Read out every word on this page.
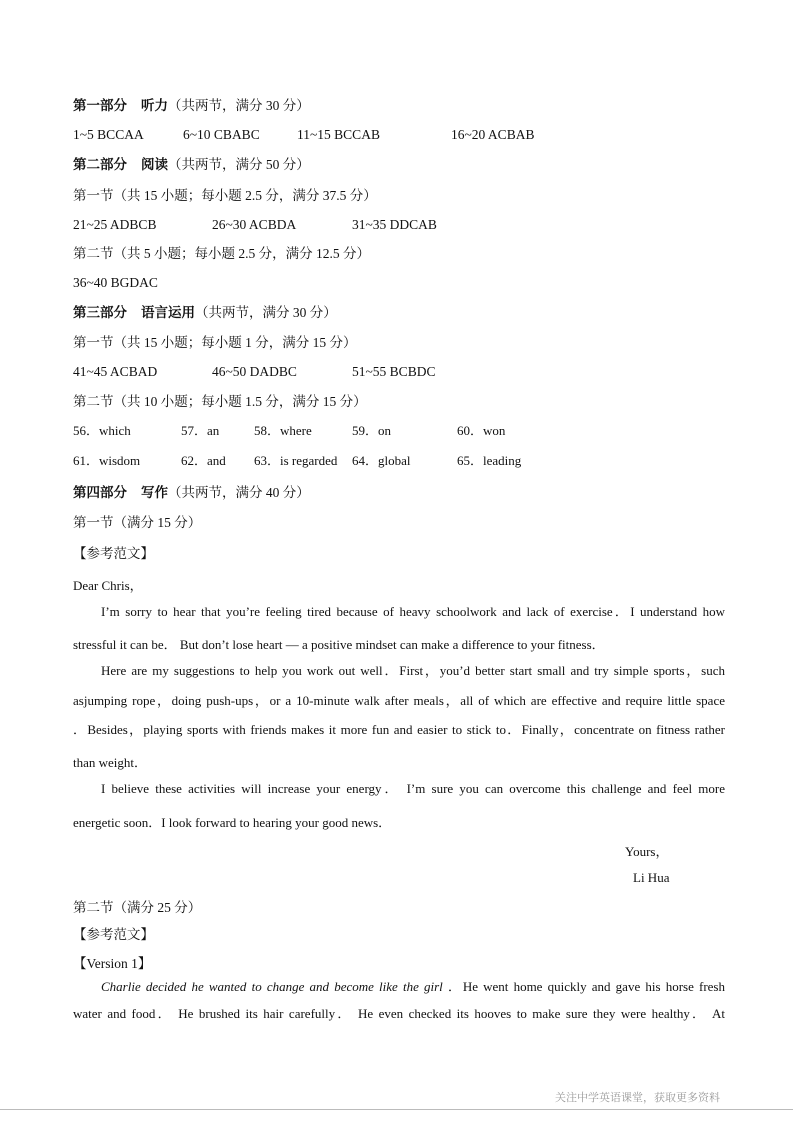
第一部分 听力（共两节，满分 30 分）
1~5 BCCAA	6~10 CBABC	11~15 BCCAB	16~20 ACBAB
第二部分 阅读（共两节，满分 50 分）
第一节（共 15 小题；每小题 2.5 分，满分 37.5 分）
21~25 ADBCB	26~30 ACBDA	31~35 DDCAB
第二节（共 5 小题；每小题 2.5 分，满分 12.5 分）
36~40 BGDAC
第三部分 语言运用（共两节，满分 30 分）
第一节（共 15 小题；每小题 1 分，满分 15 分）
41~45 ACBAD	46~50 DADBC	51~55 BCBDC
第二节（共 10 小题；每小题 1.5 分，满分 15 分）
56．which	57．an	58．where	59．on	60．won
61．wisdom	62．and 63．is regarded 64．global	65．leading
第四部分 写作（共两节，满分 40 分）
第一节（满分 15 分）
【参考范文】
Dear Chris，
I’m sorry to hear that you’re feeling tired because of heavy schoolwork and lack of exercise．I understand how
stressful it can be． But don’t lose heart — a positive mindset can make a difference to your fitness．
Here are my suggestions to help you work out well．First，you’d better start small and try simple sports，such
asjumping rope，doing push-ups，or a 10-minute walk after meals，all of which are effective and require little space
．Besides，playing sports with friends makes it more fun and easier to stick to．Finally，concentrate on fitness rather
than weight．
I believe these activities will increase your energy． I’m sure you can overcome this challenge and feel more
energetic soon．I look forward to hearing your good news．
Yours，
Li Hua
第二节（满分 25 分）
【参考范文】
【Version 1】
Charlie decided he wanted to change and become like the girl ．He went home quickly and gave his horse fresh
water and food． He brushed its hair carefully． He even checked its hooves to make sure they were healthy． At
关注中学英语课堂，获取更多资料
